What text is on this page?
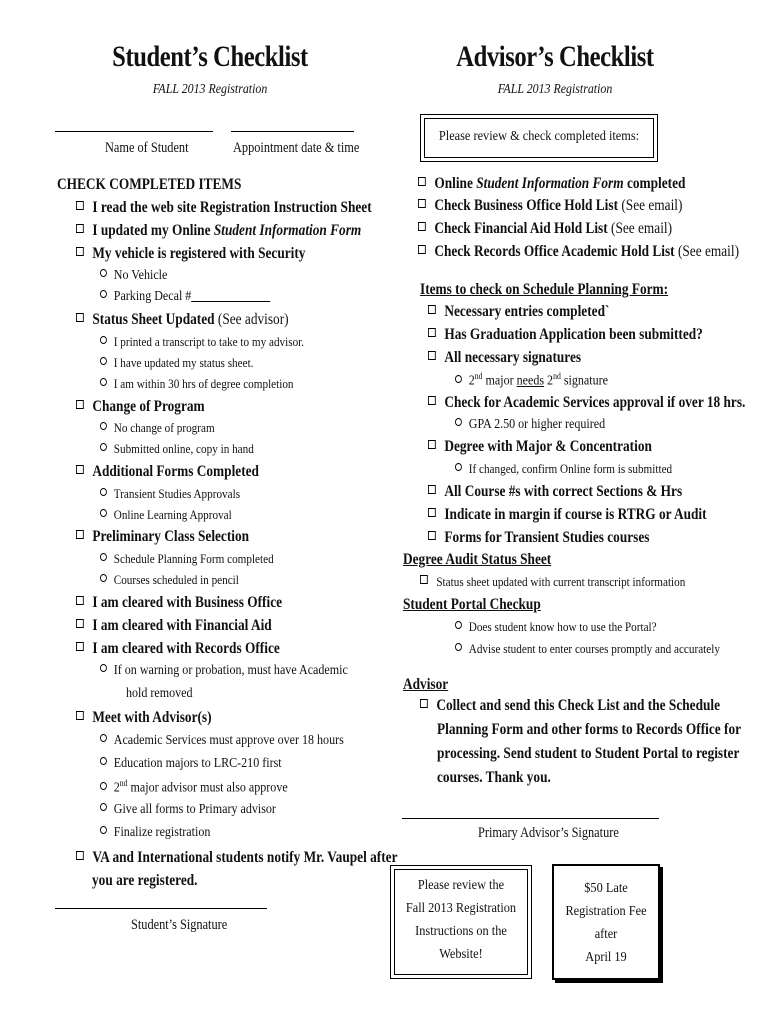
Student’s Checklist
FALL 2013 Registration
Advisor’s Checklist
FALL 2013 Registration
Name of Student	Appointment date & time
Please review & check completed items:
CHECK COMPLETED ITEMS
I read the web site Registration Instruction Sheet
I updated my Online Student Information Form
My vehicle is registered with Security
No Vehicle
Parking Decal #
Status Sheet Updated (See advisor)
I printed a transcript to take to my advisor.
I have updated my status sheet.
I am within 30 hrs of degree completion
Change of Program
No change of program
Submitted online, copy in hand
Additional Forms Completed
Transient Studies Approvals
Online Learning Approval
Preliminary Class Selection
Schedule Planning Form completed
Courses scheduled in pencil
I am cleared with Business Office
I am cleared with Financial Aid
I am cleared with Records Office
If on warning or probation, must have Academic
hold removed
Meet with Advisor(s)
Academic Services must approve over 18 hours
Education majors to LRC-210 first
2nd major advisor must also approve
Give all forms to Primary advisor
Finalize registration
VA and International students notify Mr. Vaupel after
you are registered.
Student’s Signature
Online Student Information Form completed
Check Business Office Hold List (See email)
Check Financial Aid Hold List (See email)
Check Records Office Academic Hold List (See email)
Items to check on Schedule Planning Form:
Necessary entries completed`
Has Graduation Application been submitted?
All necessary signatures
2nd major needs 2nd signature
Check for Academic Services approval if over 18 hrs.
GPA 2.50 or higher required
Degree with Major & Concentration
If changed, confirm Online form is submitted
All Course #s with correct Sections & Hrs
Indicate in margin if course is RTRG or Audit
Forms for Transient Studies courses
Degree Audit Status Sheet
Status sheet updated with current transcript information
Student Portal Checkup
Does student know how to use the Portal?
Advise student to enter courses promptly and accurately
Advisor
Collect and send this Check List and the Schedule
Planning Form and other forms to Records Office for
processing. Send student to Student Portal to register
courses. Thank you.
Primary Advisor’s Signature
Please review the
Fall 2013 Registration
Instructions on the
Website!
$50 Late
Registration Fee
after
April 19
